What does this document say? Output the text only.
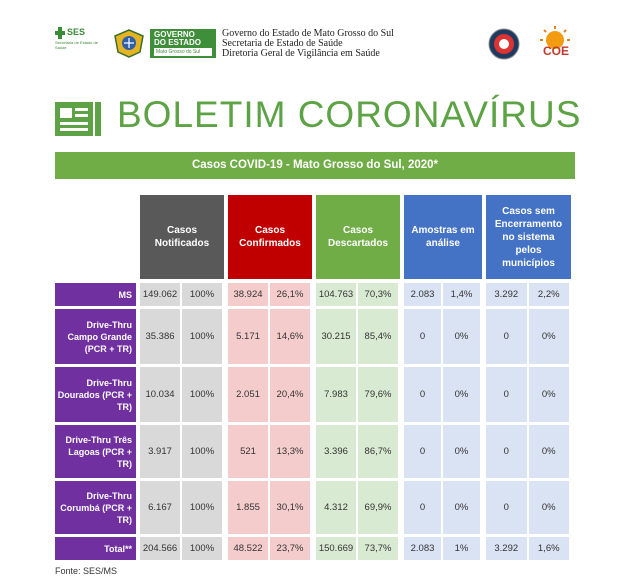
SES
Secretaria de Estado de Saúde
GOVERNO
DO ESTADO
Mato Grosso do Sul
Governo do Estado de Mato Grosso do Sul
Secretaria de Estado de Saúde
Diretoria Geral de Vigilância em Saúde	COE
BOLETIM CORONAVÍRUS
Casos COVID-19 - Mato Grosso do Sul, 2020*
Casos Notificados
Casos Confirmados
Casos Descartados
Amostras em análise
Casos sem Encerramento no sistema pelos municípios
MS	149.062	100%	38.924	26,1%	104.763	70,3%	2.083	1,4%	3.292	2,2%
Drive-Thru Campo Grande (PCR + TR)
35.386	100%	5.171	14,6%	30.215	85,4%	0	0%	0	0%
Drive-Thru Dourados (PCR + TR)
10.034	100%	2.051	20,4%	7.983	79,6%	0	0%	0	0%
Drive-Thru Três Lagoas (PCR + TR)
3.917	100%	521	13,3%	3.396	86,7%	0	0%	0	0%
Drive-Thru Corumbá (PCR + TR)
6.167	100%	1.855	30,1%	4.312	69,9%	0	0%	0	0%
Total**	204.566	100%	48.522	23,7%	150.669	73,7%	2.083	1%	3.292	1,6%
Fonte: SES/MS
